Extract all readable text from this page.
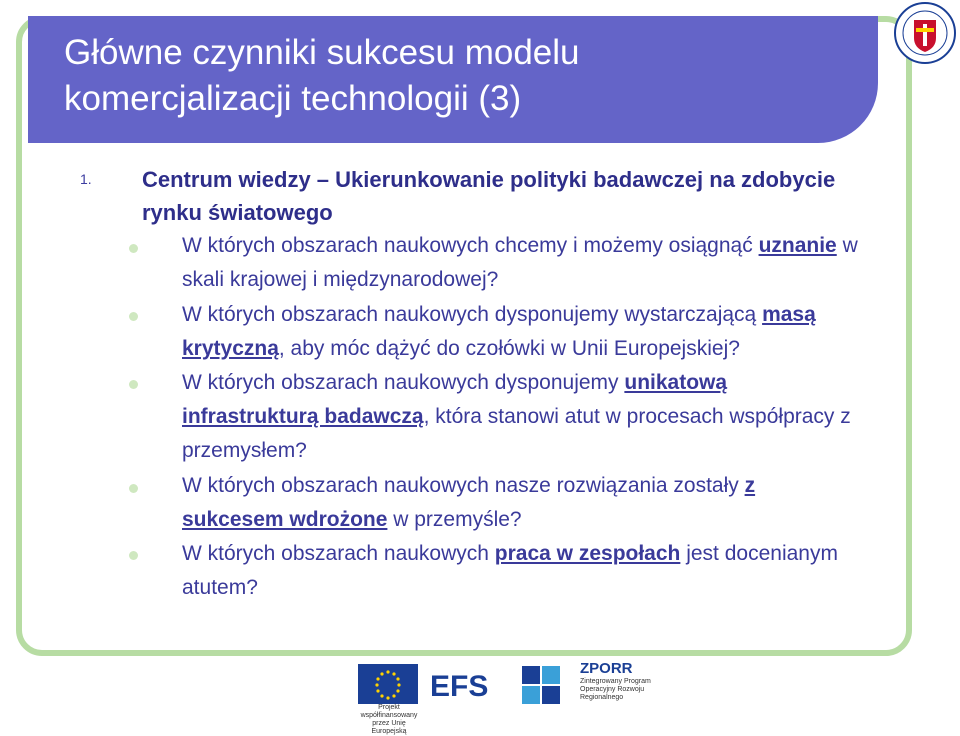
Główne czynniki sukcesu modelu
komercjalizacji technologii (3)
1. Centrum wiedzy – Ukierunkowanie polityki badawczej na zdobycie rynku światowego
W których obszarach naukowych chcemy i możemy osiągnąć uznanie w skali krajowej i międzynarodowej?
W których obszarach naukowych dysponujemy wystarczającą masą krytyczną, aby móc dążyć do czołówki w Unii Europejskiej?
W których obszarach naukowych dysponujemy unikatową infrastrukturą badawczą, która stanowi atut w procesach współpracy z przemysłem?
W których obszarach naukowych nasze rozwiązania zostały z sukcesem wdrożone w przemyśle?
W których obszarach naukowych praca w zespołach jest docenianym atutem?
Projekt współfinansowany przez Unię Europejską
EFS
ZPORR
Zintegrowany Program Operacyjny Rozwoju Regionalnego
